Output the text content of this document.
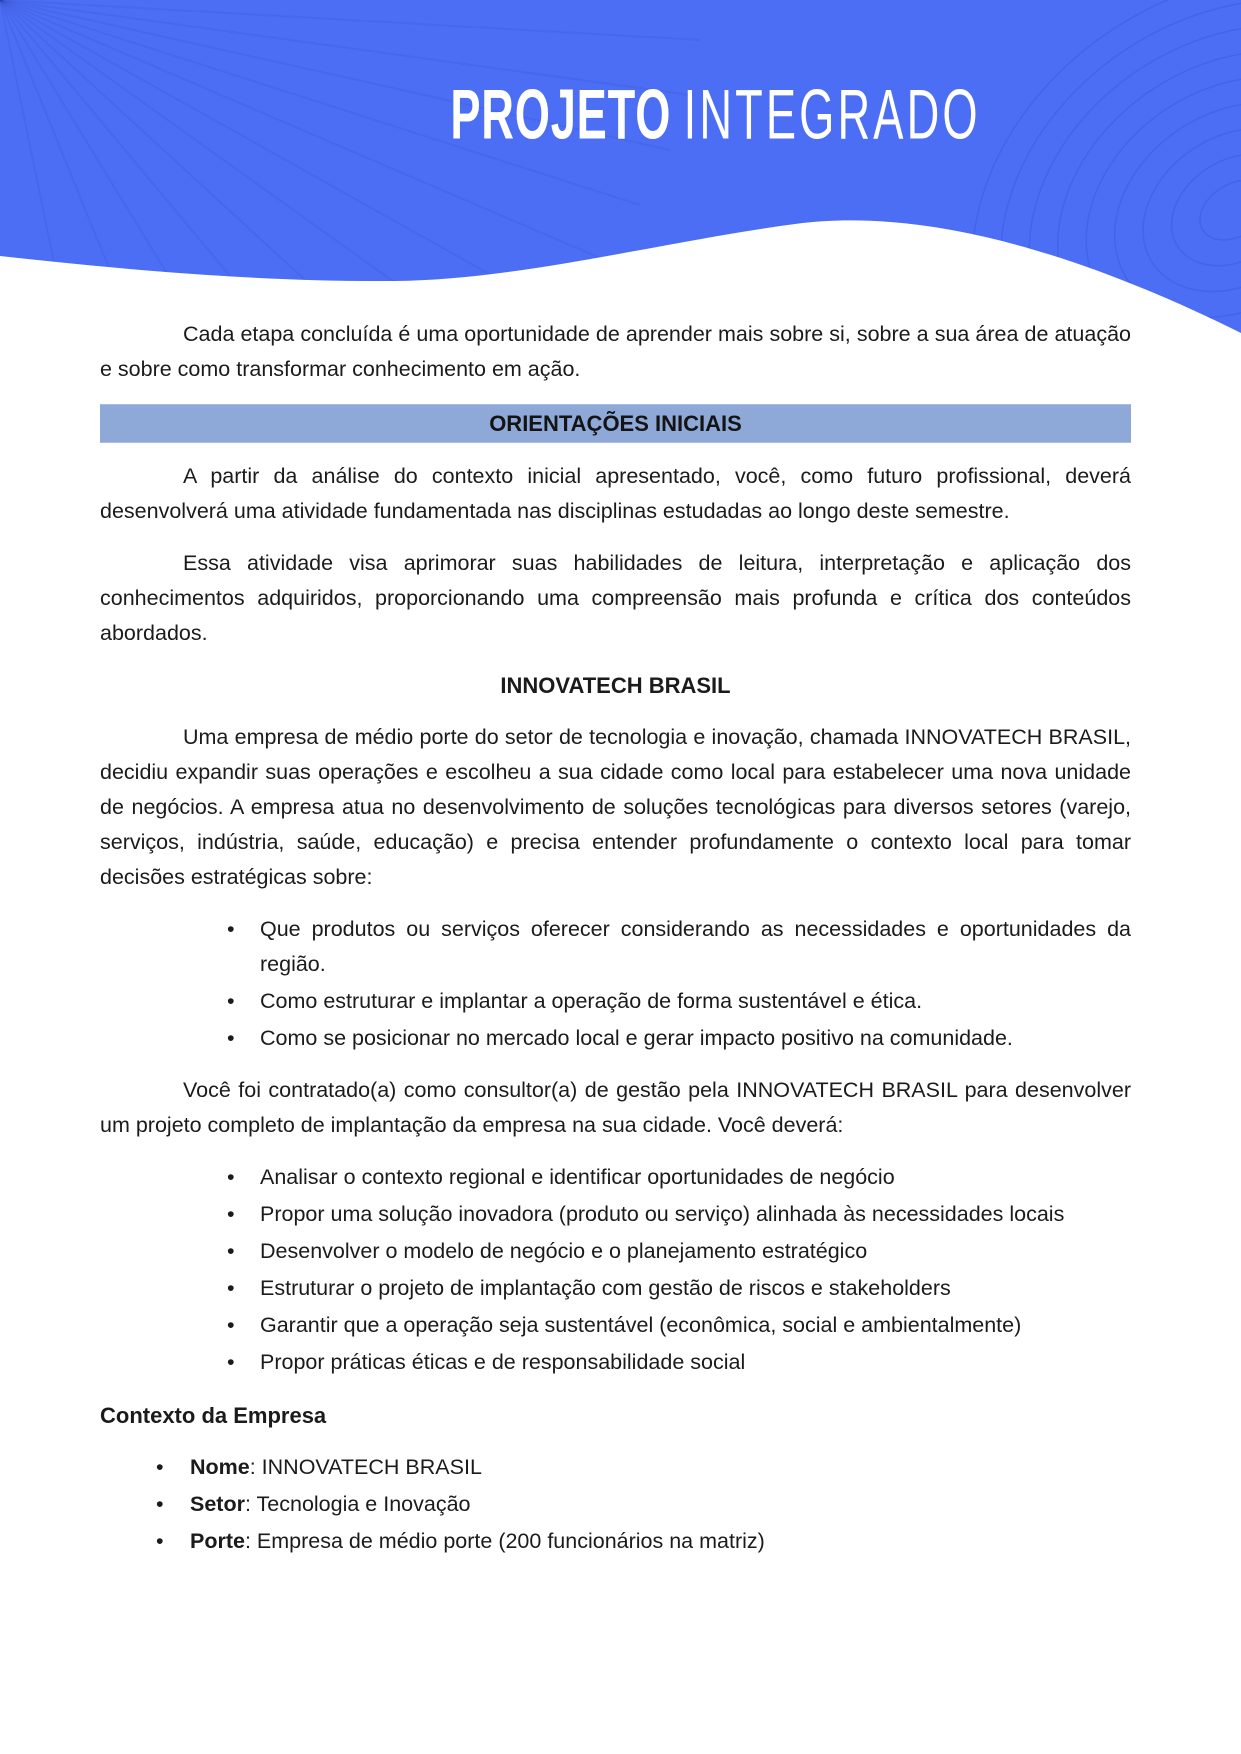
PROJETO INTEGRADO

Cada etapa concluída é uma oportunidade de aprender mais sobre si, sobre a sua área de atuação e sobre como transformar conhecimento em ação.

ORIENTAÇÕES INICIAIS

A partir da análise do contexto inicial apresentado, você, como futuro profissional, deverá desenvolverá uma atividade fundamentada nas disciplinas estudadas ao longo deste semestre.

Essa atividade visa aprimorar suas habilidades de leitura, interpretação e aplicação dos conhecimentos adquiridos, proporcionando uma compreensão mais profunda e crítica dos conteúdos abordados.

INNOVATECH BRASIL

Uma empresa de médio porte do setor de tecnologia e inovação, chamada INNOVATECH BRASIL, decidiu expandir suas operações e escolheu a sua cidade como local para estabelecer uma nova unidade de negócios. A empresa atua no desenvolvimento de soluções tecnológicas para diversos setores (varejo, serviços, indústria, saúde, educação) e precisa entender profundamente o contexto local para tomar decisões estratégicas sobre:

• Que produtos ou serviços oferecer considerando as necessidades e oportunidades da região.
• Como estruturar e implantar a operação de forma sustentável e ética.
• Como se posicionar no mercado local e gerar impacto positivo na comunidade.

Você foi contratado(a) como consultor(a) de gestão pela INNOVATECH BRASIL para desenvolver um projeto completo de implantação da empresa na sua cidade. Você deverá:

• Analisar o contexto regional e identificar oportunidades de negócio
• Propor uma solução inovadora (produto ou serviço) alinhada às necessidades locais
• Desenvolver o modelo de negócio e o planejamento estratégico
• Estruturar o projeto de implantação com gestão de riscos e stakeholders
• Garantir que a operação seja sustentável (econômica, social e ambientalmente)
• Propor práticas éticas e de responsabilidade social

Contexto da Empresa

• Nome: INNOVATECH BRASIL
• Setor: Tecnologia e Inovação
• Porte: Empresa de médio porte (200 funcionários na matriz)
